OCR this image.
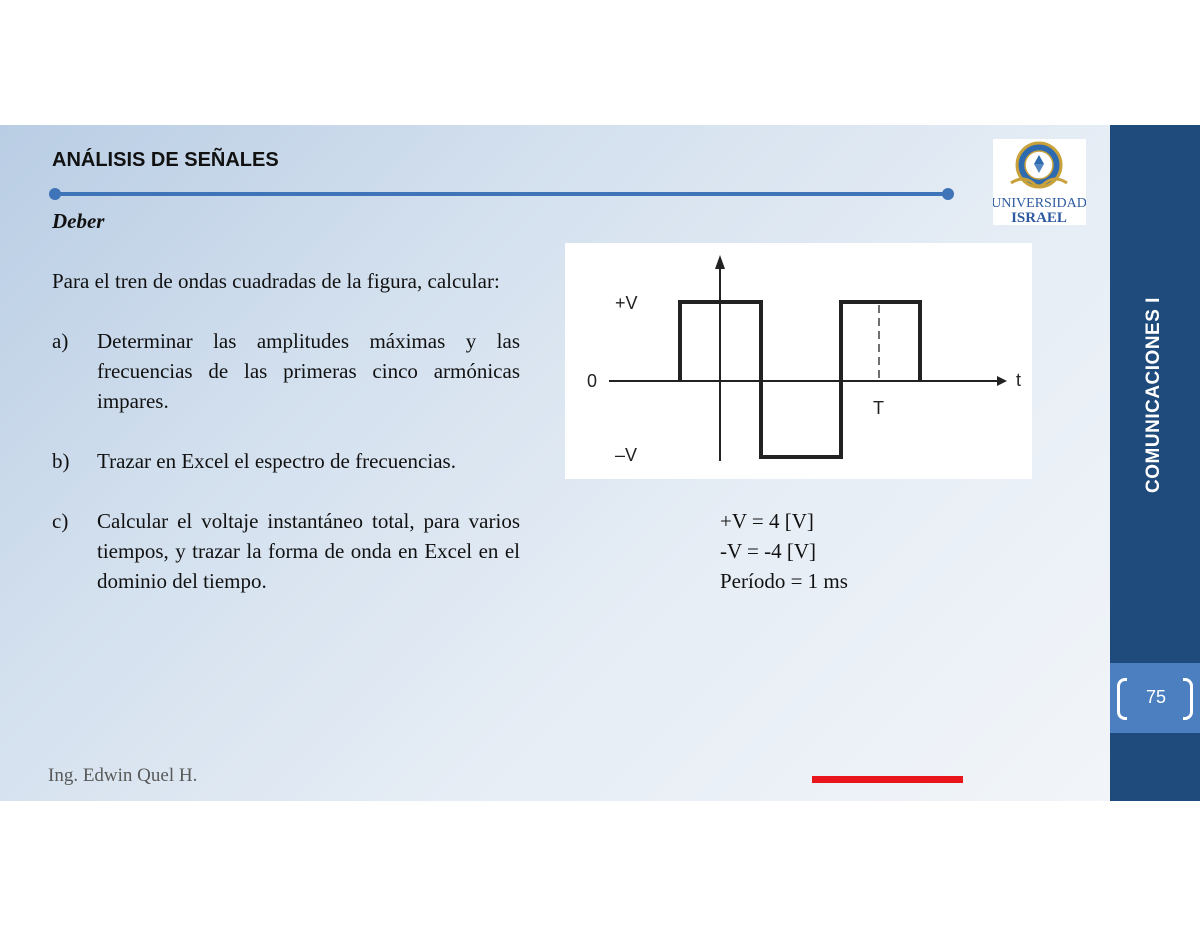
ANÁLISIS DE SEÑALES
UNIVERSIDAD
ISRAEL
Deber

Para el tren de ondas cuadradas de la figura, calcular:

a)	Determinar las amplitudes máximas y las frecuencias de las primeras cinco armónicas impares.
b)	Trazar en Excel el espectro de frecuencias.
c)	Calcular el voltaje instantáneo total, para varios tiempos, y trazar la forma de onda en Excel en el dominio del tiempo.
+V
0
–V
t
T
+V = 4 [V]
-V = -4 [V]
Período = 1 ms
Ing. Edwin Quel H.
COMUNICACIONES I
75
